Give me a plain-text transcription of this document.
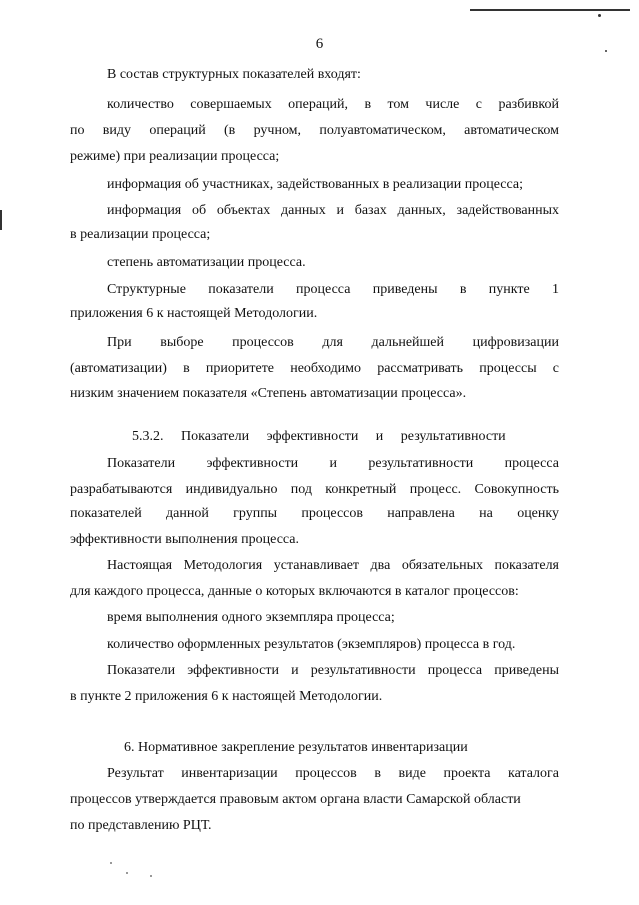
6
В состав структурных показателей входят:
количество совершаемых операций, в том числе с разбивкой
по виду операций (в ручном, полуавтоматическом, автоматическом
режиме) при реализации процесса;
информация об участниках, задействованных в реализации процесса;
информация об объектах данных и базах данных, задействованных
в реализации процесса;
степень автоматизации процесса.
Структурные показатели процесса приведены в пункте 1
приложения 6 к настоящей Методологии.
При выборе процессов для дальнейшей цифровизации
(автоматизации) в приоритете необходимо рассматривать процессы с
низким значением показателя «Степень автоматизации процесса».
5.3.2. Показатели эффективности и результативности
Показатели эффективности и результативности процесса
разрабатываются индивидуально под конкретный процесс. Совокупность
показателей данной группы процессов направлена на оценку
эффективности выполнения процесса.
Настоящая Методология устанавливает два обязательных показателя
для каждого процесса, данные о которых включаются в каталог процессов:
время выполнения одного экземпляра процесса;
количество оформленных результатов (экземпляров) процесса в год.
Показатели эффективности и результативности процесса приведены
в пункте 2 приложения 6 к настоящей Методологии.
6. Нормативное закрепление результатов инвентаризации
Результат инвентаризации процессов в виде проекта каталога
процессов утверждается правовым актом органа власти Самарской области
по представлению РЦТ.
